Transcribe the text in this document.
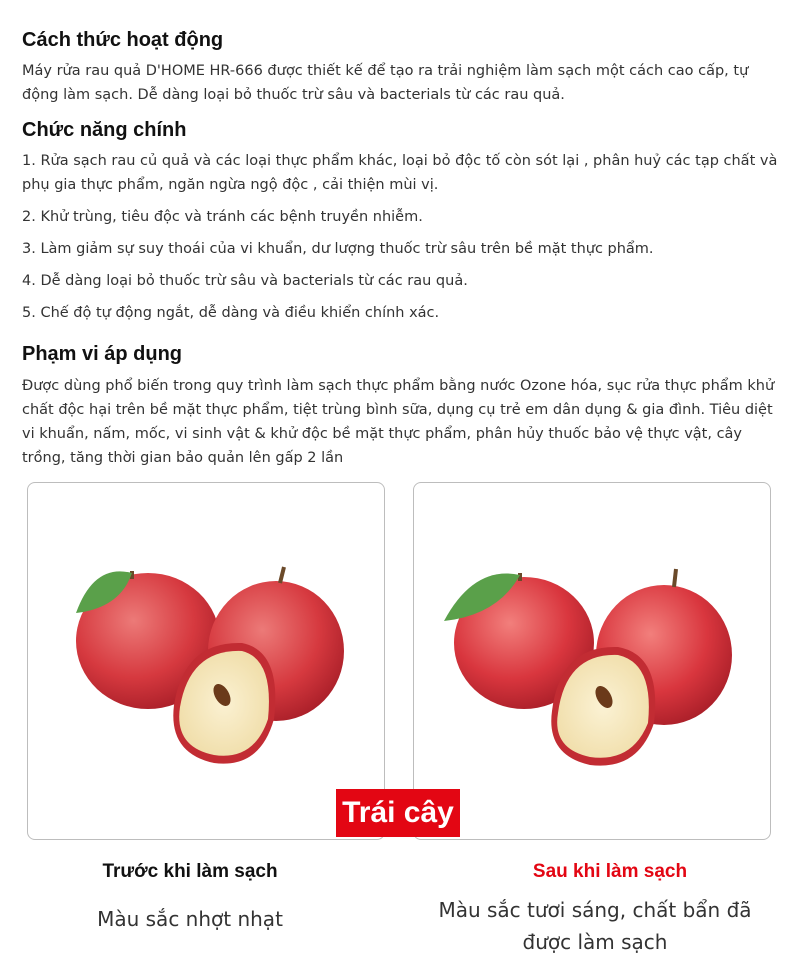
Cách thức hoạt động

Máy rửa rau quả D'HOME HR-666 được thiết kế để tạo ra trải nghiệm làm sạch một cách cao cấp, tự động làm sạch. Dễ dàng loại bỏ thuốc trừ sâu và bacterials từ các rau quả.

Chức năng chính

1. Rửa sạch rau củ quả và các loại thực phẩm khác, loại bỏ độc tố còn sót lại , phân huỷ các tạp chất và phụ gia thực phẩm, ngăn ngừa ngộ độc , cải thiện mùi vị.

2. Khử trùng, tiêu độc và tránh các bệnh truyền nhiễm.

3. Làm giảm sự suy thoái của vi khuẩn, dư lượng thuốc trừ sâu trên bề mặt thực phẩm.

4. Dễ dàng loại bỏ thuốc trừ sâu và bacterials từ các rau quả.

5. Chế độ tự động ngắt, dễ dàng và điều khiển chính xác.

Phạm vi áp dụng

Được dùng phổ biến trong quy trình làm sạch thực phẩm bằng nước Ozone hóa, sục rửa thực phẩm khử chất độc hại trên bề mặt thực phẩm, tiệt trùng bình sữa, dụng cụ trẻ em dân dụng & gia đình. Tiêu diệt vi khuẩn, nấm, mốc, vi sinh vật & khử độc bề mặt thực phẩm, phân hủy thuốc bảo vệ thực vật, cây trồng, tăng thời gian bảo quản lên gấp 2 lần

Trái cây
Trước khi làm sạch	Sau khi làm sạch
Màu sắc nhợt nhạt	Màu sắc tươi sáng, chất bẩn đã được làm sạch
